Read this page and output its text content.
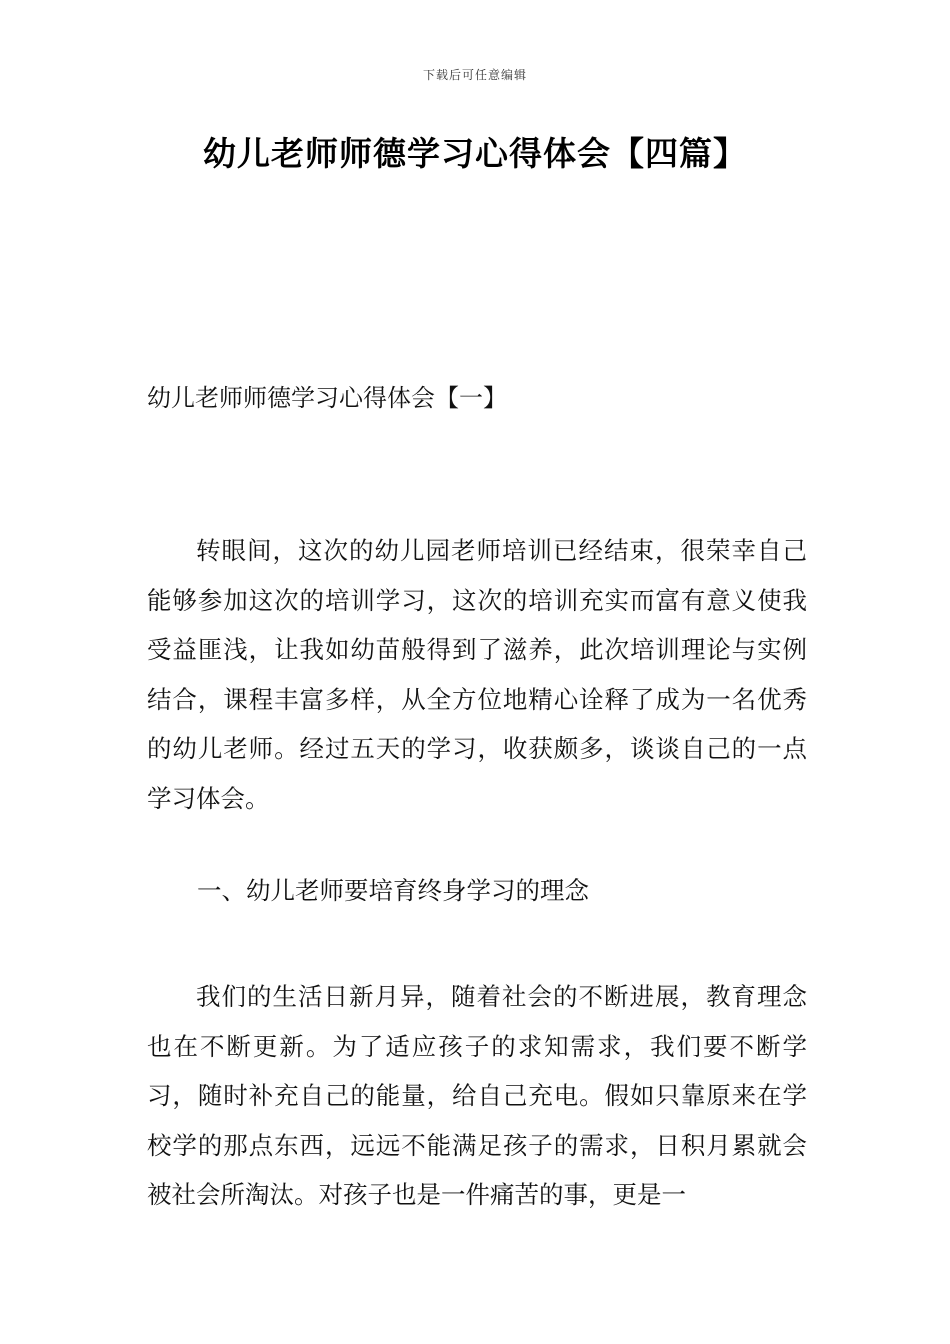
下载后可任意编辑
幼儿老师师德学习心得体会【四篇】
幼儿老师师德学习心得体会【一】

转眼间，这次的幼儿园老师培训已经结束，很荣幸自己能够参加这次的培训学习，这次的培训充实而富有意义使我受益匪浅，让我如幼苗般得到了滋养，此次培训理论与实例结合，课程丰富多样，从全方位地精心诠释了成为一名优秀的幼儿老师。经过五天的学习，收获颇多，谈谈自己的一点学习体会。

一、幼儿老师要培育终身学习的理念

我们的生活日新月异，随着社会的不断进展，教育理念也在不断更新。为了适应孩子的求知需求，我们要不断学习，随时补充自己的能量，给自己充电。假如只靠原来在学校学的那点东西，远远不能满足孩子的需求，日积月累就会被社会所淘汰。对孩子也是一件痛苦的事，更是一
